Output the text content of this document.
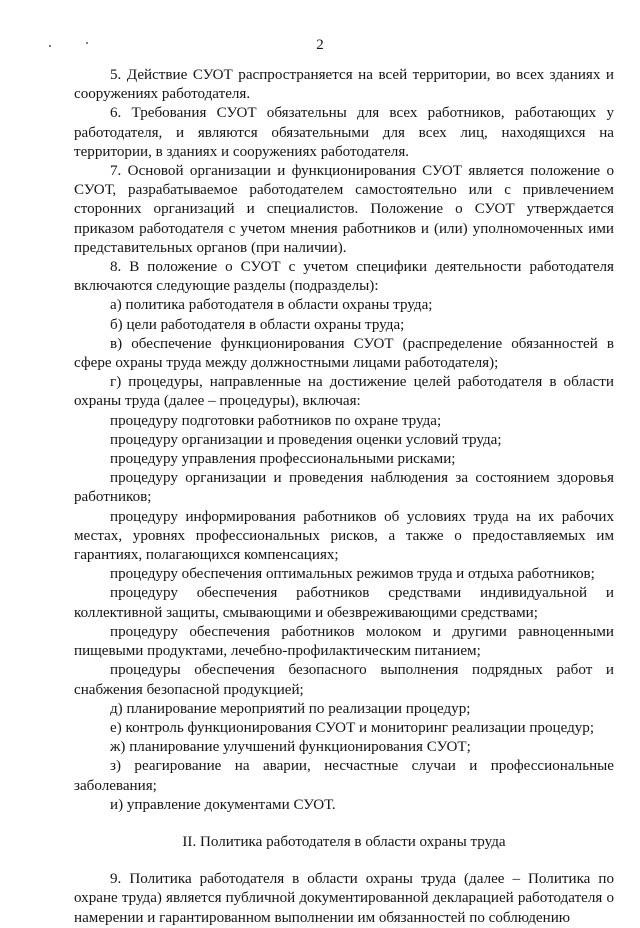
2

5. Действие СУОТ распространяется на всей территории, во всех зданиях и сооружениях работодателя.

6. Требования СУОТ обязательны для всех работников, работающих у работодателя, и являются обязательными для всех лиц, находящихся на территории, в зданиях и сооружениях работодателя.

7. Основой организации и функционирования СУОТ является положение о СУОТ, разрабатываемое работодателем самостоятельно или с привлечением сторонних организаций и специалистов. Положение о СУОТ утверждается приказом работодателя с учетом мнения работников и (или) уполномоченных ими представительных органов (при наличии).

8. В положение о СУОТ с учетом специфики деятельности работодателя включаются следующие разделы (подразделы):

а) политика работодателя в области охраны труда;

б) цели работодателя в области охраны труда;

в) обеспечение функционирования СУОТ (распределение обязанностей в сфере охраны труда между должностными лицами работодателя);

г) процедуры, направленные на достижение целей работодателя в области охраны труда (далее – процедуры), включая:

процедуру подготовки работников по охране труда;

процедуру организации и проведения оценки условий труда;

процедуру управления профессиональными рисками;

процедуру организации и проведения наблюдения за состоянием здоровья работников;

процедуру информирования работников об условиях труда на их рабочих местах, уровнях профессиональных рисков, а также о предоставляемых им гарантиях, полагающихся компенсациях;

процедуру обеспечения оптимальных режимов труда и отдыха работников;

процедуру обеспечения работников средствами индивидуальной и коллективной защиты, смывающими и обезвреживающими средствами;

процедуру обеспечения работников молоком и другими равноценными пищевыми продуктами, лечебно-профилактическим питанием;

процедуры обеспечения безопасного выполнения подрядных работ и снабжения безопасной продукцией;

д) планирование мероприятий по реализации процедур;

е) контроль функционирования СУОТ и мониторинг реализации процедур;

ж) планирование улучшений функционирования СУОТ;

з) реагирование на аварии, несчастные случаи и профессиональные заболевания;

и) управление документами СУОТ.

II. Политика работодателя в области охраны труда

9. Политика работодателя в области охраны труда (далее – Политика по охране труда) является публичной документированной декларацией работодателя о намерении и гарантированном выполнении им обязанностей по соблюдению
